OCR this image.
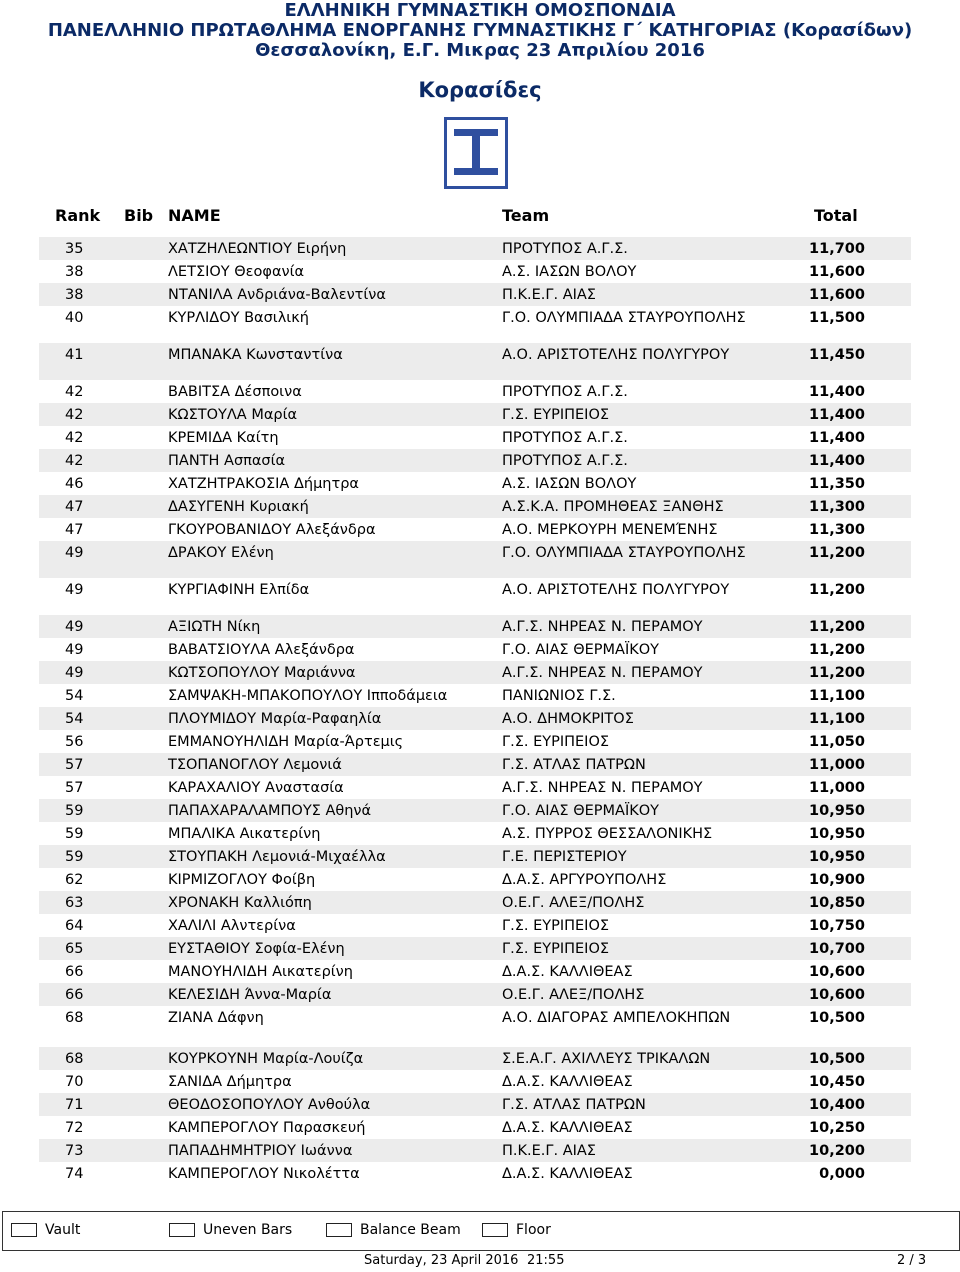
ΕΛΛΗΝΙΚΗ ΓΥΜΝΑΣΤΙΚΗ ΟΜΟΣΠΟΝΔΙΑ
ΠΑΝΕΛΛΗΝΙΟ ΠΡΩΤΑΘΛΗΜΑ ΕΝΟΡΓΑΝΗΣ ΓΥΜΝΑΣΤΙΚΗΣ Γ΄ ΚΑΤΗΓΟΡΙΑΣ (Κορασίδων)
Θεσσαλονίκη, Ε.Γ. Μικρας 23 Απριλίου 2016
Κορασίδες
Rank Bib NAME	Team	Total
35	ΧΑΤΖΗΛΕΩΝΤΙΟΥ Ειρήνη	ΠΡΟΤΥΠΟΣ Α.Γ.Σ.	11,700
38	ΛΕΤΣΙΟΥ Θεοφανία	Α.Σ. ΙΑΣΩΝ ΒΟΛΟΥ	11,600
38	ΝΤΑΝΙΛΑ Ανδριάνα-Βαλεντίνα	Π.Κ.Ε.Γ. ΑΙΑΣ	11,600
40	ΚΥΡΛΙΔΟΥ Βασιλική	Γ.Ο. ΟΛΥΜΠΙΑΔΑ ΣΤΑΥΡΟΥΠΟΛΗΣ	11,500
41	ΜΠΑΝΑΚΑ Κωνσταντίνα	Α.Ο. ΑΡΙΣΤΟΤΕΛΗΣ ΠΟΛΥΓΥΡΟΥ	11,450
42	ΒΑΒΙΤΣΑ Δέσποινα	ΠΡΟΤΥΠΟΣ Α.Γ.Σ.	11,400
42	ΚΩΣΤΟΥΛΑ Μαρία	Γ.Σ. ΕΥΡΙΠΕΙΟΣ	11,400
42	ΚΡΕΜΙΔΑ Καίτη	ΠΡΟΤΥΠΟΣ Α.Γ.Σ.	11,400
42	ΠΑΝΤΗ Ασπασία	ΠΡΟΤΥΠΟΣ Α.Γ.Σ.	11,400
46	ΧΑΤΖΗΤΡΑΚΟΣΙΑ Δήμητρα	Α.Σ. ΙΑΣΩΝ ΒΟΛΟΥ	11,350
47	ΔΑΣΥΓΕΝΗ Κυριακή	Α.Σ.Κ.Α. ΠΡΟΜΗΘΕΑΣ ΞΑΝΘΗΣ	11,300
47	ΓΚΟΥΡΟΒΑΝΙΔΟΥ Αλεξάνδρα	Α.Ο. ΜΕΡΚΟΥΡΗ ΜΕΝΕΜΈΝΗΣ	11,300
49	ΔΡΑΚΟΥ Ελένη	Γ.Ο. ΟΛΥΜΠΙΑΔΑ ΣΤΑΥΡΟΥΠΟΛΗΣ	11,200
49	ΚΥΡΓΙΑΦΙΝΗ Ελπίδα	Α.Ο. ΑΡΙΣΤΟΤΕΛΗΣ ΠΟΛΥΓΥΡΟΥ	11,200
49	ΑΞΙΩΤΗ Νίκη	Α.Γ.Σ. ΝΗΡΕΑΣ Ν. ΠΕΡΑΜΟΥ	11,200
49	ΒΑΒΑΤΣΙΟΥΛΑ Αλεξάνδρα	Γ.Ο. ΑΙΑΣ ΘΕΡΜΑΪΚΟΥ	11,200
49	ΚΩΤΣΟΠΟΥΛΟΥ Μαριάννα	Α.Γ.Σ. ΝΗΡΕΑΣ Ν. ΠΕΡΑΜΟΥ	11,200
54	ΣΑΜΨΑΚΗ-ΜΠΑΚΟΠΟΥΛΟΥ Ιπποδάμεια	ΠΑΝΙΩΝΙΟΣ Γ.Σ.	11,100
54	ΠΛΟΥΜΙΔΟΥ Μαρία-Ραφαηλία	Α.Ο. ΔΗΜΟΚΡΙΤΟΣ	11,100
56	ΕΜΜΑΝΟΥΗΛΙΔΗ Μαρία-Άρτεμις	Γ.Σ. ΕΥΡΙΠΕΙΟΣ	11,050
57	ΤΣΟΠΑΝΟΓΛΟΥ Λεμονιά	Γ.Σ. ΑΤΛΑΣ ΠΑΤΡΩΝ	11,000
57	ΚΑΡΑΧΑΛΙΟΥ Αναστασία	Α.Γ.Σ. ΝΗΡΕΑΣ Ν. ΠΕΡΑΜΟΥ	11,000
59	ΠΑΠΑΧΑΡΑΛΑΜΠΟΥΣ Αθηνά	Γ.Ο. ΑΙΑΣ ΘΕΡΜΑΪΚΟΥ	10,950
59	ΜΠΑΛΙΚΑ Αικατερίνη	Α.Σ. ΠΥΡΡΟΣ ΘΕΣΣΑΛΟΝΙΚΗΣ	10,950
59	ΣΤΟΥΠΑΚΗ Λεμονιά-Μιχαέλλα	Γ.Ε. ΠΕΡΙΣΤΕΡΙΟΥ	10,950
62	ΚΙΡΜΙΖΟΓΛΟΥ Φοίβη	Δ.Α.Σ. ΑΡΓΥΡΟΥΠΟΛΗΣ	10,900
63	ΧΡΟΝΑΚΗ Καλλιόπη	Ο.Ε.Γ. ΑΛΕΞ/ΠΟΛΗΣ	10,850
64	ΧΑΛΙΛΙ Αλντερίνα	Γ.Σ. ΕΥΡΙΠΕΙΟΣ	10,750
65	ΕΥΣΤΑΘΙΟΥ Σοφία-Ελένη	Γ.Σ. ΕΥΡΙΠΕΙΟΣ	10,700
66	ΜΑΝΟΥΗΛΙΔΗ Αικατερίνη	Δ.Α.Σ. ΚΑΛΛΙΘΕΑΣ	10,600
66	ΚΕΛΕΣΙΔΗ Άννα-Μαρία	Ο.Ε.Γ. ΑΛΕΞ/ΠΟΛΗΣ	10,600
68	ΖΙΑΝΑ Δάφνη	Α.Ο. ΔΙΑΓΟΡΑΣ ΑΜΠΕΛΟΚΗΠΩΝ	10,500
68	ΚΟΥΡΚΟΥΝΗ Μαρία-Λουίζα	Σ.Ε.Α.Γ. ΑΧΙΛΛΕΥΣ ΤΡΙΚΑΛΩΝ	10,500
70	ΣΑΝΙΔΑ Δήμητρα	Δ.Α.Σ. ΚΑΛΛΙΘΕΑΣ	10,450
71	ΘΕΟΔΟΣΟΠΟΥΛΟΥ Ανθούλα	Γ.Σ. ΑΤΛΑΣ ΠΑΤΡΩΝ	10,400
72	ΚΑΜΠΕΡΟΓΛΟΥ Παρασκευή	Δ.Α.Σ. ΚΑΛΛΙΘΕΑΣ	10,250
73	ΠΑΠΑΔΗΜΗΤΡΙΟΥ Ιωάννα	Π.Κ.Ε.Γ. ΑΙΑΣ	10,200
74	ΚΑΜΠΕΡΟΓΛΟΥ Νικολέττα	Δ.Α.Σ. ΚΑΛΛΙΘΕΑΣ	0,000
Vault	Uneven Bars	Balance Beam	Floor
Saturday, 23 April 2016 21:55	2 / 3
